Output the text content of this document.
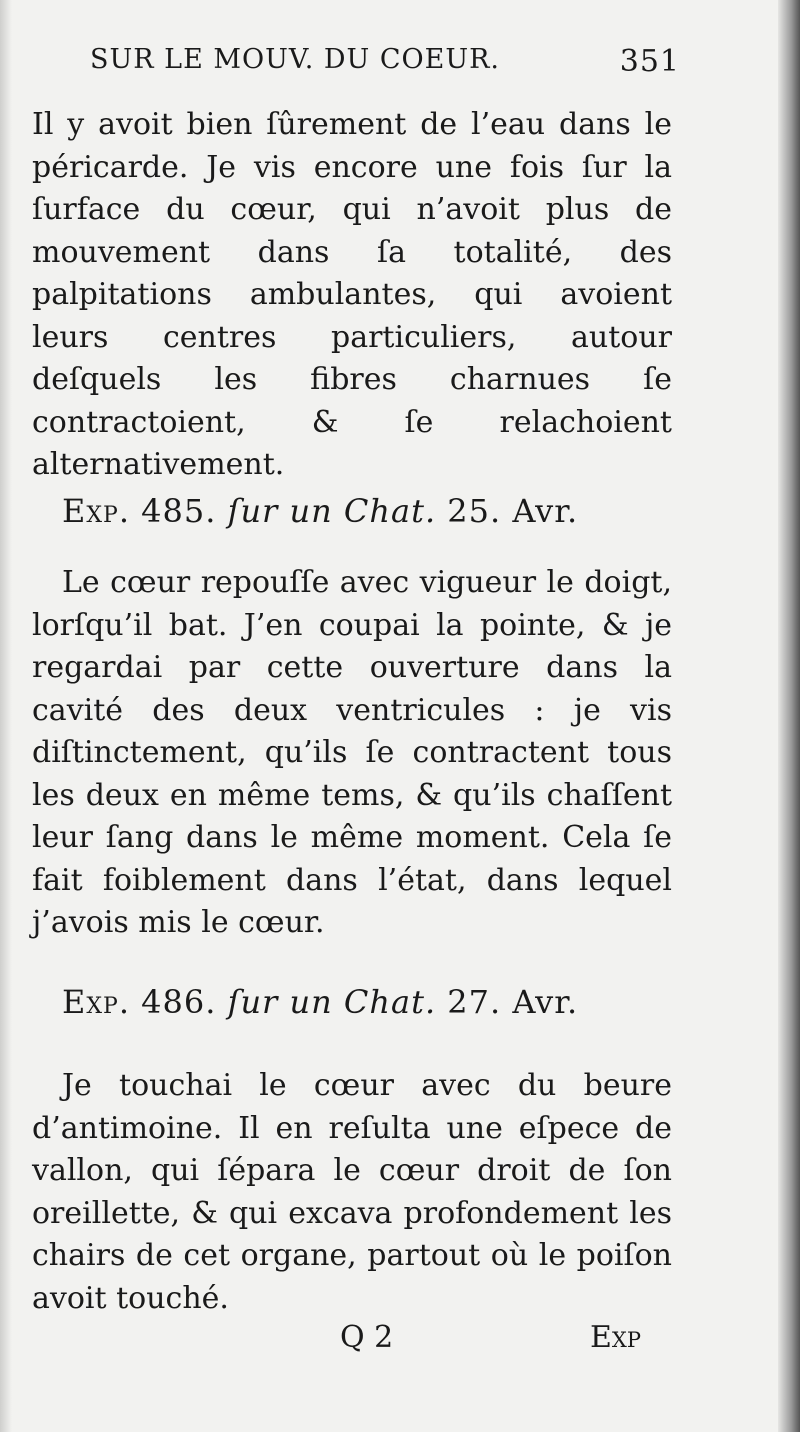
SUR LE MOUV. DU COEUR.	351

Il y avoit bien ſûrement de l’eau dans le péricarde. Je vis encore une fois ſur la ſurface du cœur, qui n’avoit plus de mouvement dans ſa totalité, des palpitations ambulantes, qui avoient leurs centres particuliers, autour deſquels les fibres charnues ſe contractoient, & ſe relachoient alternativement.

Exp. 485. ſur un Chat. 25. Avr.

Le cœur repouſſe avec vigueur le doigt, lorſqu’il bat. J’en coupai la pointe, & je regardai par cette ouverture dans la cavité des deux ventricules : je vis diſtinctement, qu’ils ſe contractent tous les deux en même tems, & qu’ils chaſſent leur ſang dans le même moment. Cela ſe fait foiblement dans l’état, dans lequel j’avois mis le cœur.

Exp. 486. ſur un Chat. 27. Avr.

Je touchai le cœur avec du beure d’antimoine. Il en reſulta une eſpece de vallon, qui ſépara le cœur droit de ſon oreillette, & qui excava profondement les chairs de cet organe, partout où le poiſon avoit touché.

Q 2	Exp
